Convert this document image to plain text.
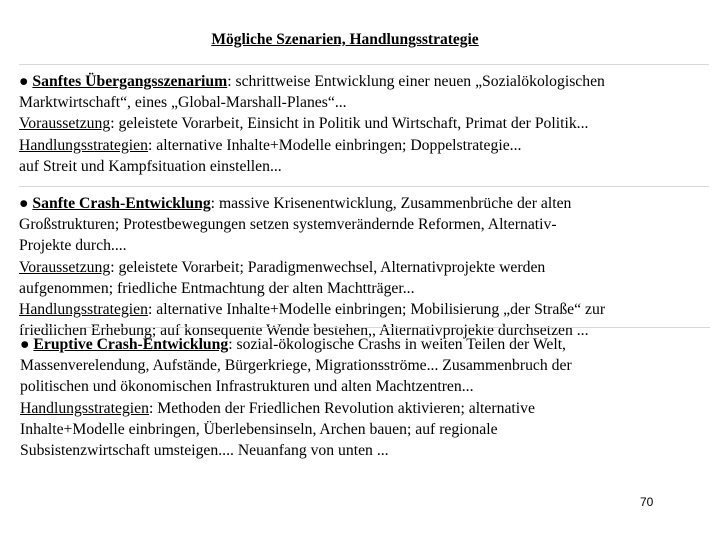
Mögliche Szenarien, Handlungsstrategie
● Sanftes Übergangsszenarium: schrittweise Entwicklung einer neuen „Sozialökologischen
Marktwirtschaft“, eines „Global-Marshall-Planes“...
Voraussetzung: geleistete Vorarbeit, Einsicht in Politik und Wirtschaft, Primat der Politik...
Handlungsstrategien: alternative Inhalte+Modelle einbringen; Doppelstrategie...
auf Streit und Kampfsituation einstellen...
● Sanfte Crash-Entwicklung: massive Krisenentwicklung, Zusammenbrüche der alten
Großstrukturen; Protestbewegungen setzen systemverändernde Reformen, Alternativ-
Projekte durch....
Voraussetzung: geleistete Vorarbeit; Paradigmenwechsel, Alternativprojekte werden
aufgenommen; friedliche Entmachtung der alten Machtträger...
Handlungsstrategien: alternative Inhalte+Modelle einbringen; Mobilisierung „der Straße“ zur
friedlichen Erhebung; auf konsequente Wende bestehen,, Alternativprojekte durchsetzen ...
● Eruptive Crash-Entwicklung: sozial-ökologische Crashs in weiten Teilen der Welt,
Massenverelendung, Aufstände, Bürgerkriege, Migrationsströme... Zusammenbruch der
politischen und ökonomischen Infrastrukturen und alten Machtzentren...
Handlungsstrategien: Methoden der Friedlichen Revolution aktivieren; alternative
Inhalte+Modelle einbringen, Überlebensinseln, Archen bauen; auf regionale
Subsistenzwirtschaft umsteigen.... Neuanfang von unten ...
70
